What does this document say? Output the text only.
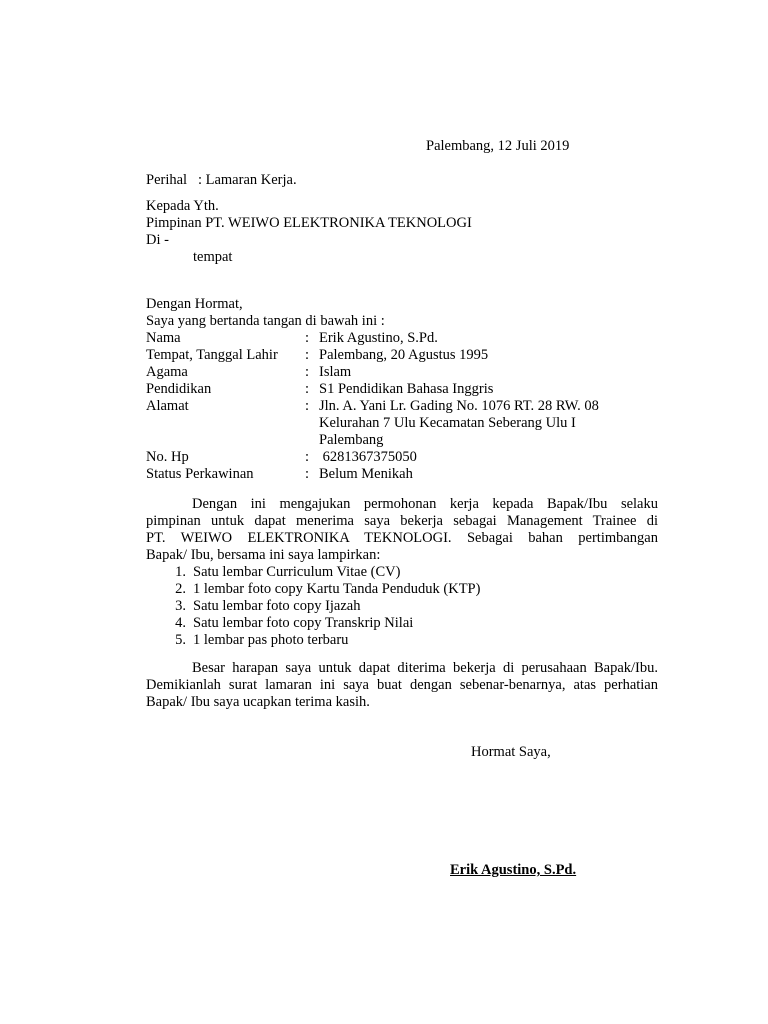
Palembang, 12 Juli 2019
Perihal : Lamaran Kerja.
Kepada Yth.
Pimpinan PT. WEIWO ELEKTRONIKA TEKNOLOGI
Di -
tempat
Dengan Hormat,
Saya yang bertanda tangan di bawah ini :
Nama	: Erik Agustino, S.Pd.
Tempat, Tanggal Lahir	: Palembang, 20 Agustus 1995
Agama	: Islam
Pendidikan	: S1 Pendidikan Bahasa Inggris
Alamat	: Jln. A. Yani Lr. Gading No. 1076 RT. 28 RW. 08
Kelurahan 7 Ulu Kecamatan Seberang Ulu I
Palembang
No. Hp	: 6281367375050
Status Perkawinan	: Belum Menikah
Dengan ini mengajukan permohonan kerja kepada Bapak/Ibu selaku
pimpinan untuk dapat menerima saya bekerja sebagai Management Trainee di
PT. WEIWO ELEKTRONIKA TEKNOLOGI. Sebagai bahan pertimbangan
Bapak/ Ibu, bersama ini saya lampirkan:
1. Satu lembar Curriculum Vitae (CV)
2. 1 lembar foto copy Kartu Tanda Penduduk (KTP)
3. Satu lembar foto copy Ijazah
4. Satu lembar foto copy Transkrip Nilai
5. 1 lembar pas photo terbaru
Besar harapan saya untuk dapat diterima bekerja di perusahaan Bapak/Ibu.
Demikianlah surat lamaran ini saya buat dengan sebenar-benarnya, atas perhatian
Bapak/ Ibu saya ucapkan terima kasih.
Hormat Saya,
Erik Agustino, S.Pd.
